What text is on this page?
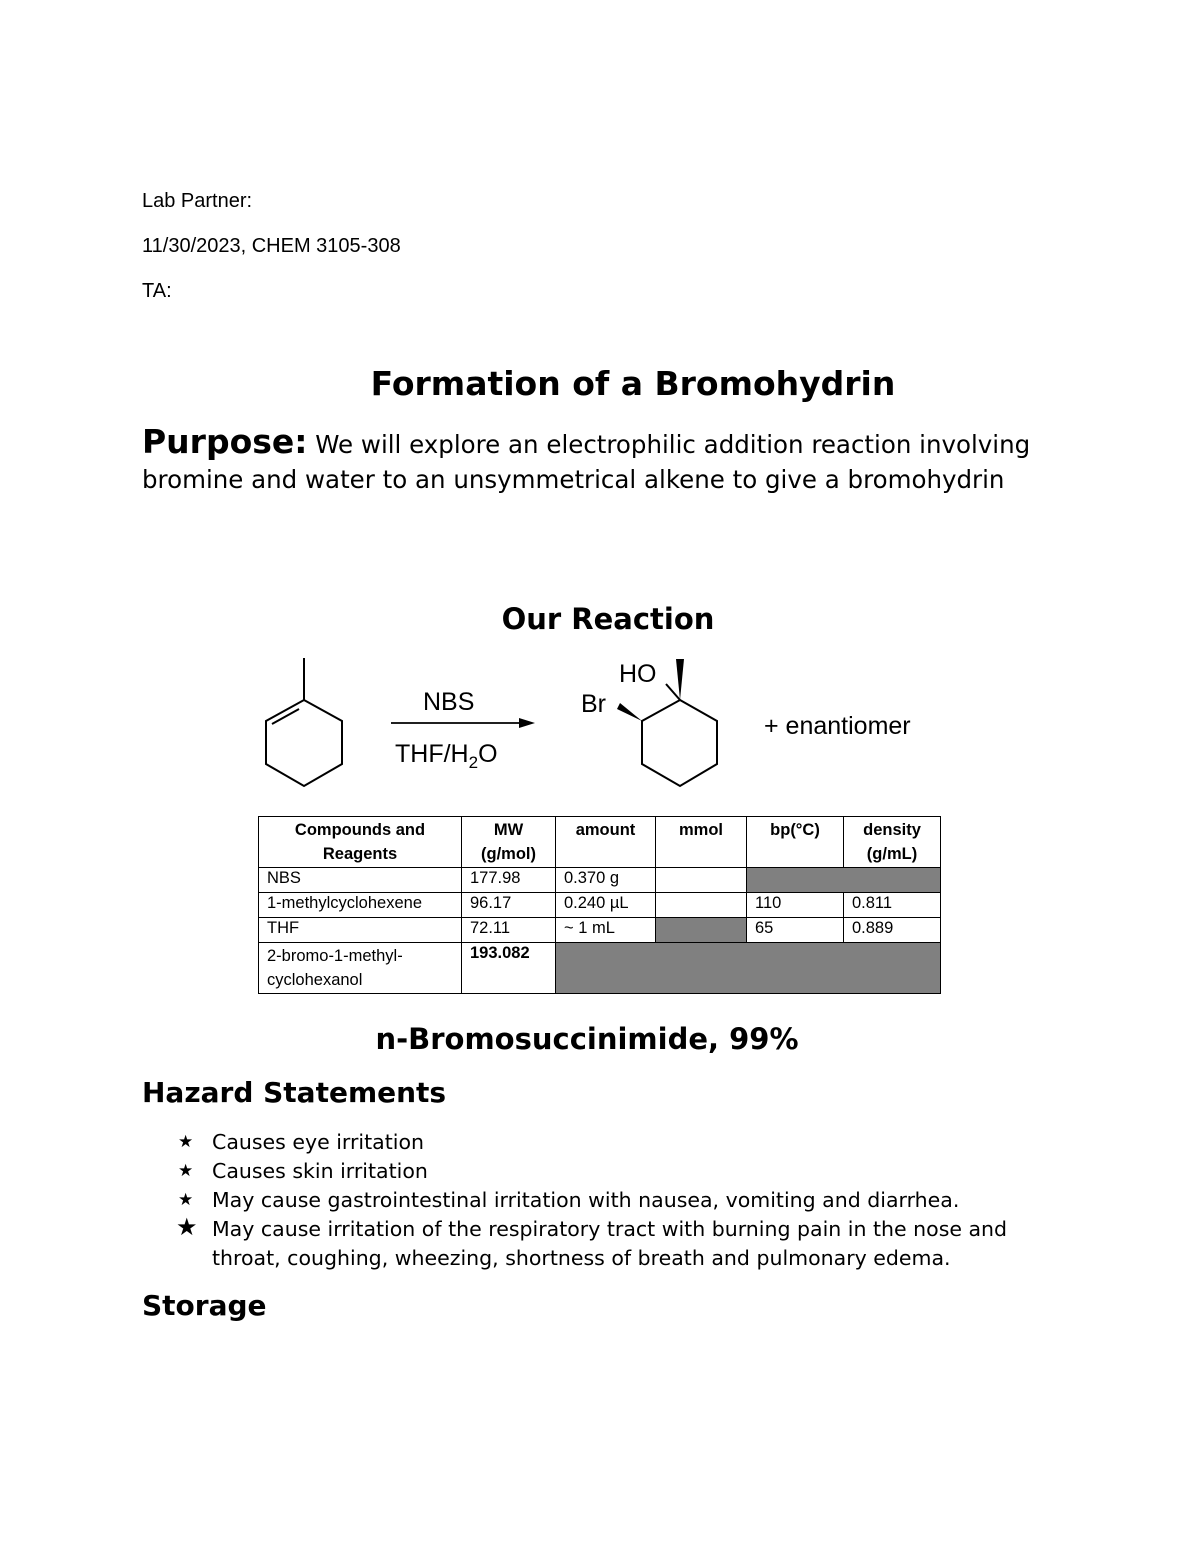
Lab Partner:
11/30/2023, CHEM 3105-308
TA:
Formation of a Bromohydrin
Purpose: We will explore an electrophilic addition reaction involving bromine and water to an unsymmetrical alkene to give a bromohydrin
Our Reaction
NBS
THF/$H_2O$
HO
Br
+ enantiomer
Compounds and Reagents	MW (g/mol)	amount	mmol	bp(°C)	density (g/mL)
NBS	177.98	0.370 g			
1-methylcyclohexene	96.17	0.240 µL		110	0.811
THF	72.11	~ 1 mL		65	0.889
2-bromo-1-methyl-cyclohexanol	193.082				
n-Bromosuccinimide, 99%
Hazard Statements
★ Causes eye irritation
★ Causes skin irritation
★ May cause gastrointestinal irritation with nausea, vomiting and diarrhea.
★ May cause irritation of the respiratory tract with burning pain in the nose and throat, coughing, wheezing, shortness of breath and pulmonary edema.
Storage
